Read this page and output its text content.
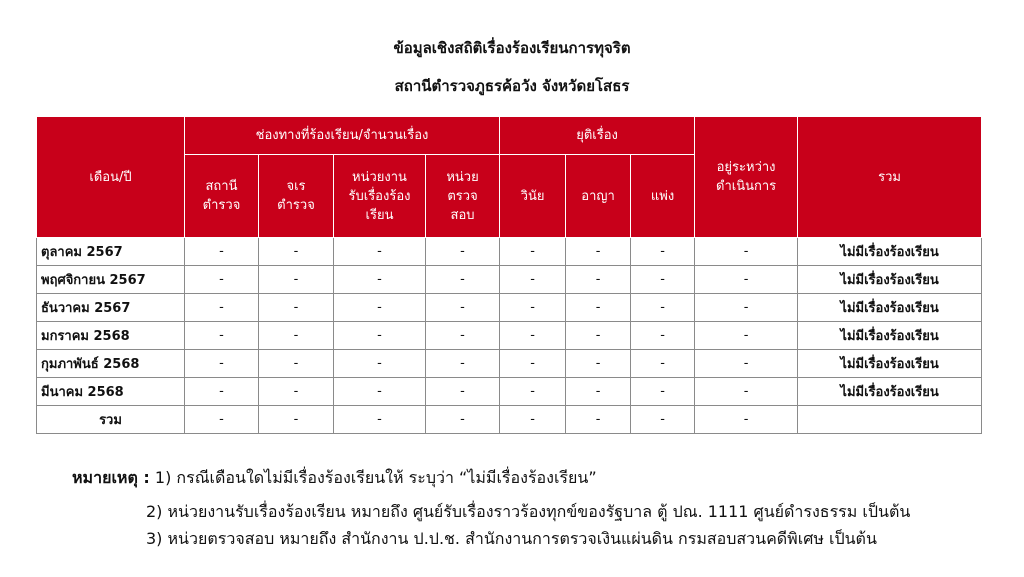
ข้อมูลเชิงสถิติเรื่องร้องเรียนการทุจริต
สถานีตำรวจภูธรค้อวัง จังหวัดยโสธร
เดือน/ปี	ช่องทางที่ร้องเรียน/จำนวนเรื่อง				ยุติเรื่อง			อยู่ระหว่างดำเนินการ	รวม

	สถานีตำรวจ	จเรตำรวจ	หน่วยงานรับเรื่องร้องเรียน	หน่วยตรวจสอบ	วินัย	อาญา	แพ่ง		
ตุลาคม 2567	-	-	-	-	-	-	-	-	ไม่มีเรื่องร้องเรียน
พฤศจิกายน 2567	-	-	-	-	-	-	-	-	ไม่มีเรื่องร้องเรียน
ธันวาคม 2567	-	-	-	-	-	-	-	-	ไม่มีเรื่องร้องเรียน
มกราคม 2568	-	-	-	-	-	-	-	-	ไม่มีเรื่องร้องเรียน
กุมภาพันธ์ 2568	-	-	-	-	-	-	-	-	ไม่มีเรื่องร้องเรียน
มีนาคม 2568	-	-	-	-	-	-	-	-	ไม่มีเรื่องร้องเรียน
รวม	-	-	-	-	-	-	-	-	
หมายเหตุ : 1) กรณีเดือนใดไม่มีเรื่องร้องเรียนให้ ระบุว่า “ไม่มีเรื่องร้องเรียน”
2) หน่วยงานรับเรื่องร้องเรียน หมายถึง ศูนย์รับเรื่องราวร้องทุกข์ของรัฐบาล ตู้ ปณ. 1111 ศูนย์ดำรงธรรม เป็นต้น
3) หน่วยตรวจสอบ หมายถึง สำนักงาน ป.ป.ช. สำนักงานการตรวจเงินแผ่นดิน กรมสอบสวนคดีพิเศษ เป็นต้น
